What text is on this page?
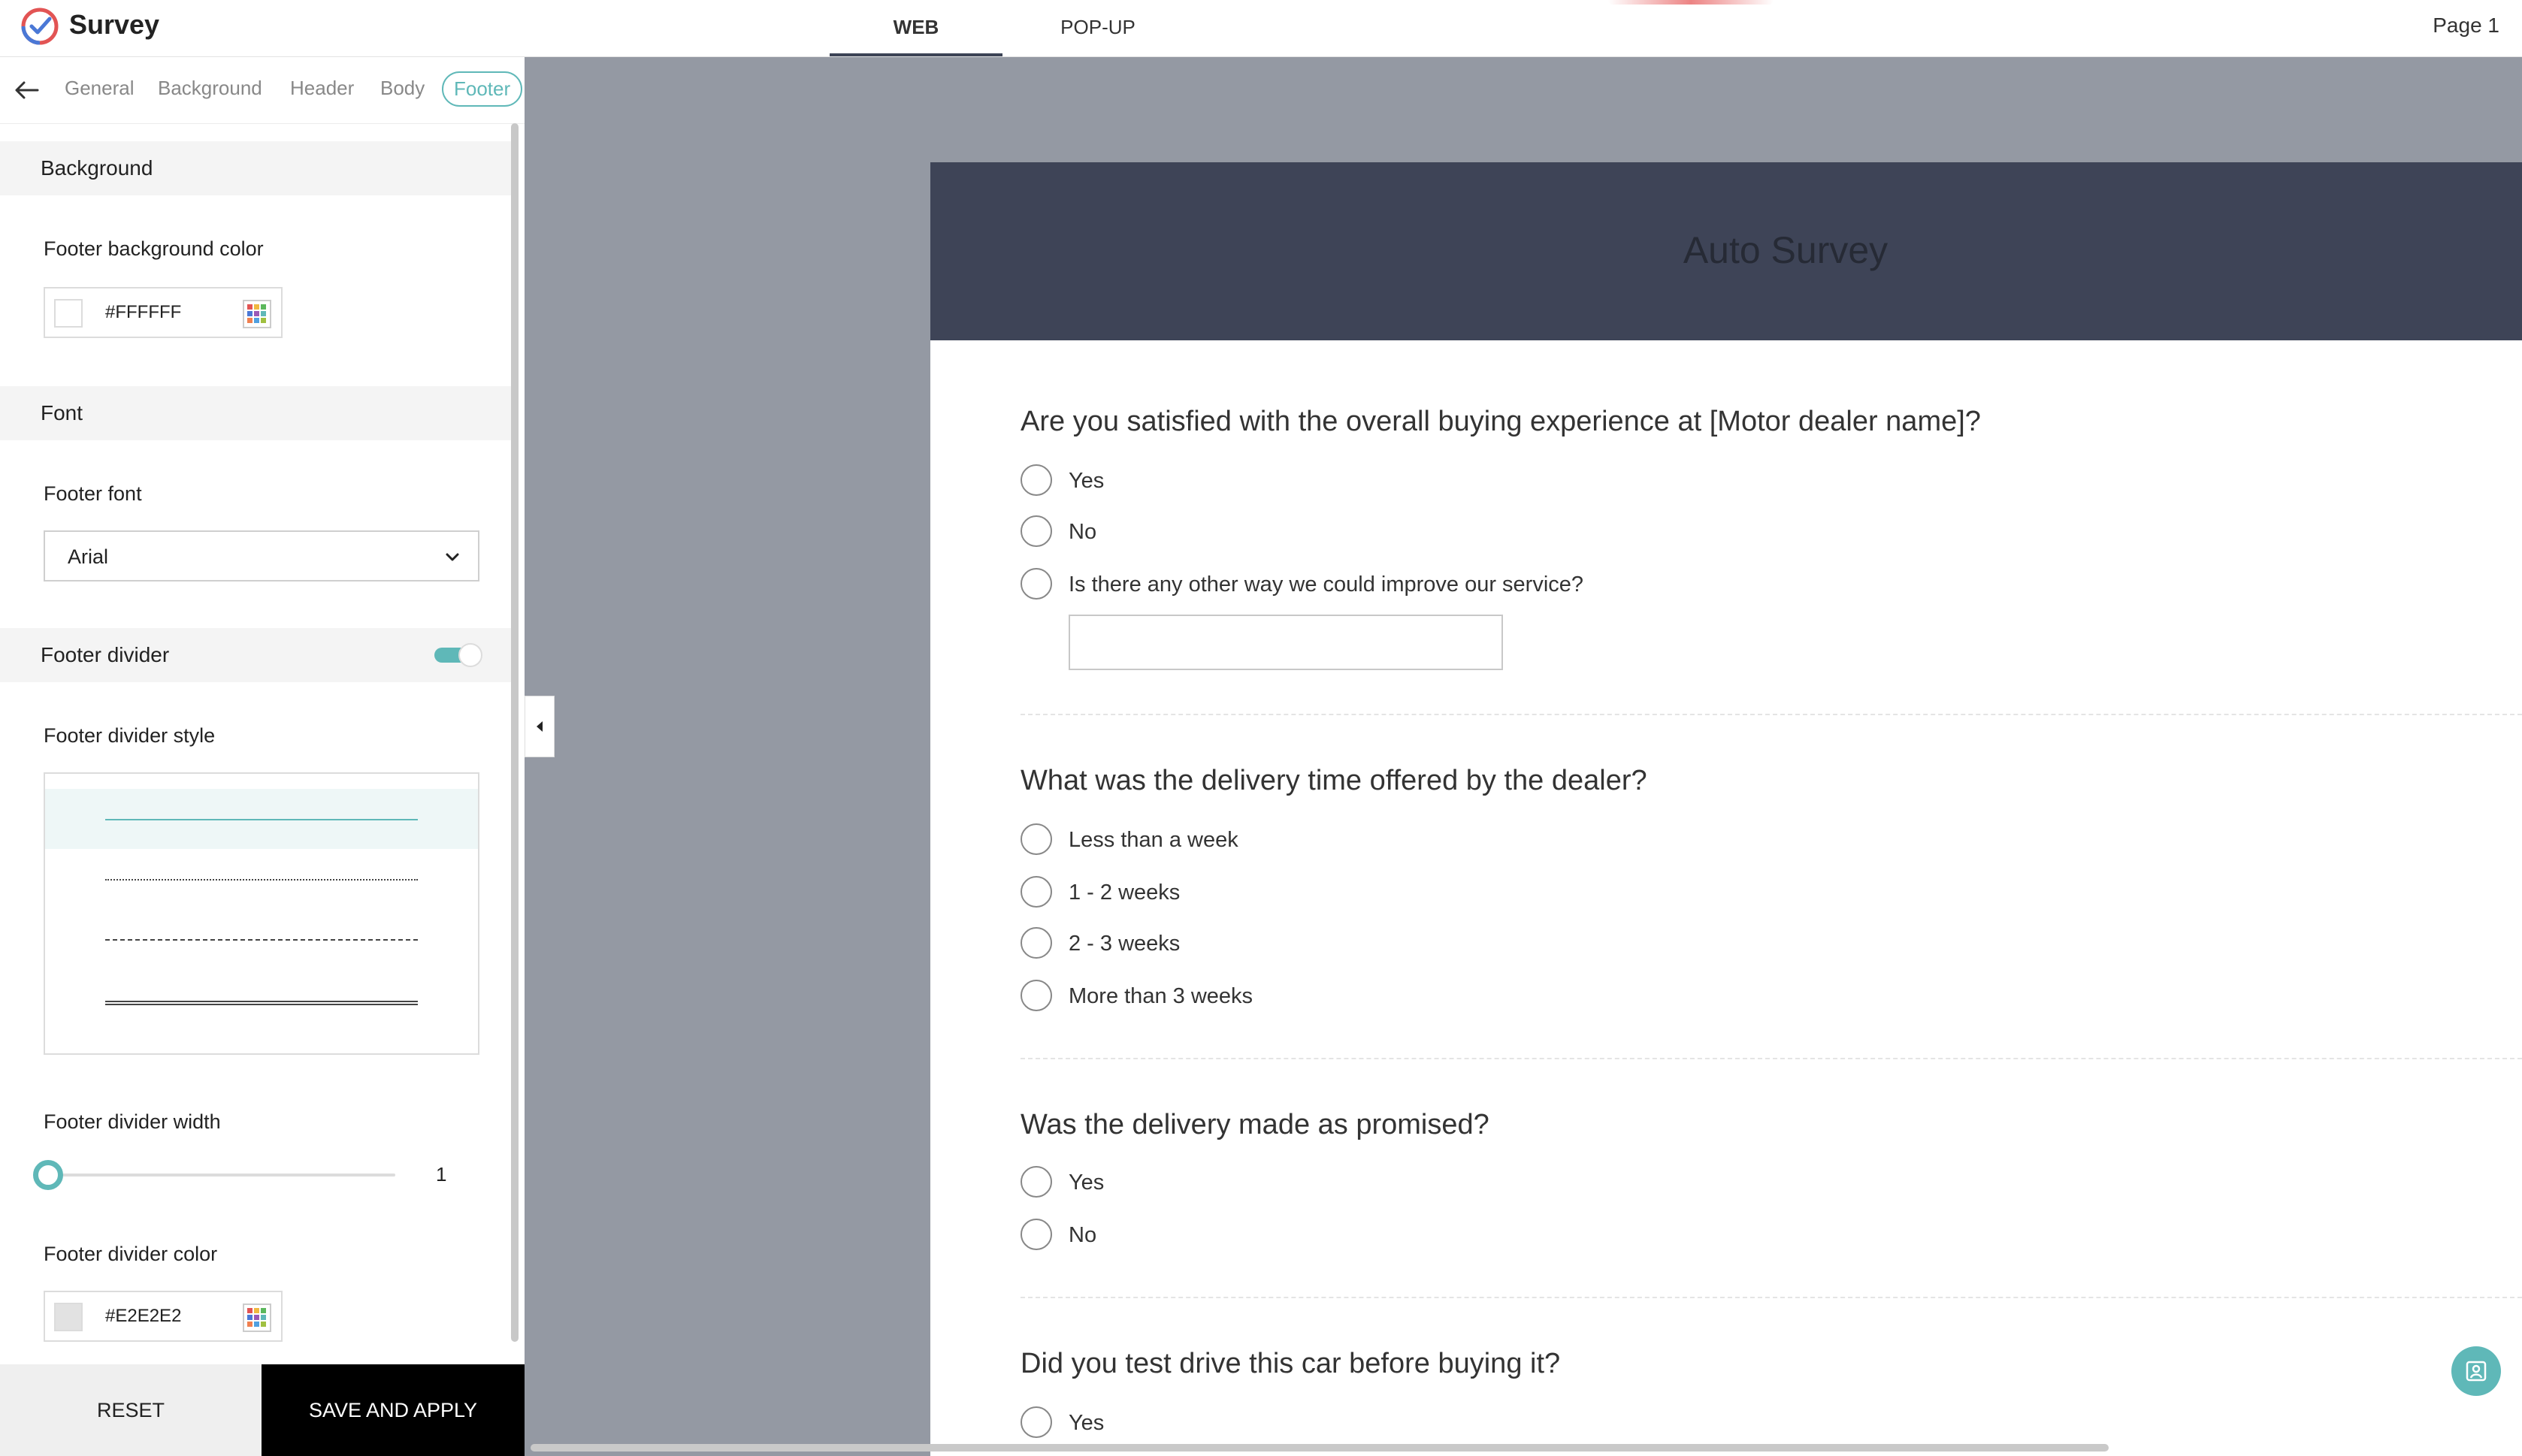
Survey	WEB	POP-UP	Page 1
General Background Header Body	Footer
Background
Footer background color
#FFFFFF
Font
Footer font
Arial
Footer divider
Footer divider style
Footer divider width
1
Footer divider color
#E2E2E2
RESET	SAVE AND APPLY
Auto Survey
Are you satisfied with the overall buying experience at [Motor dealer name]?
Yes
No
Is there any other way we could improve our service?
What was the delivery time offered by the dealer?
Less than a week
1 - 2 weeks
2 - 3 weeks
More than 3 weeks
Was the delivery made as promised?
Yes
No
Did you test drive this car before buying it?
Yes
